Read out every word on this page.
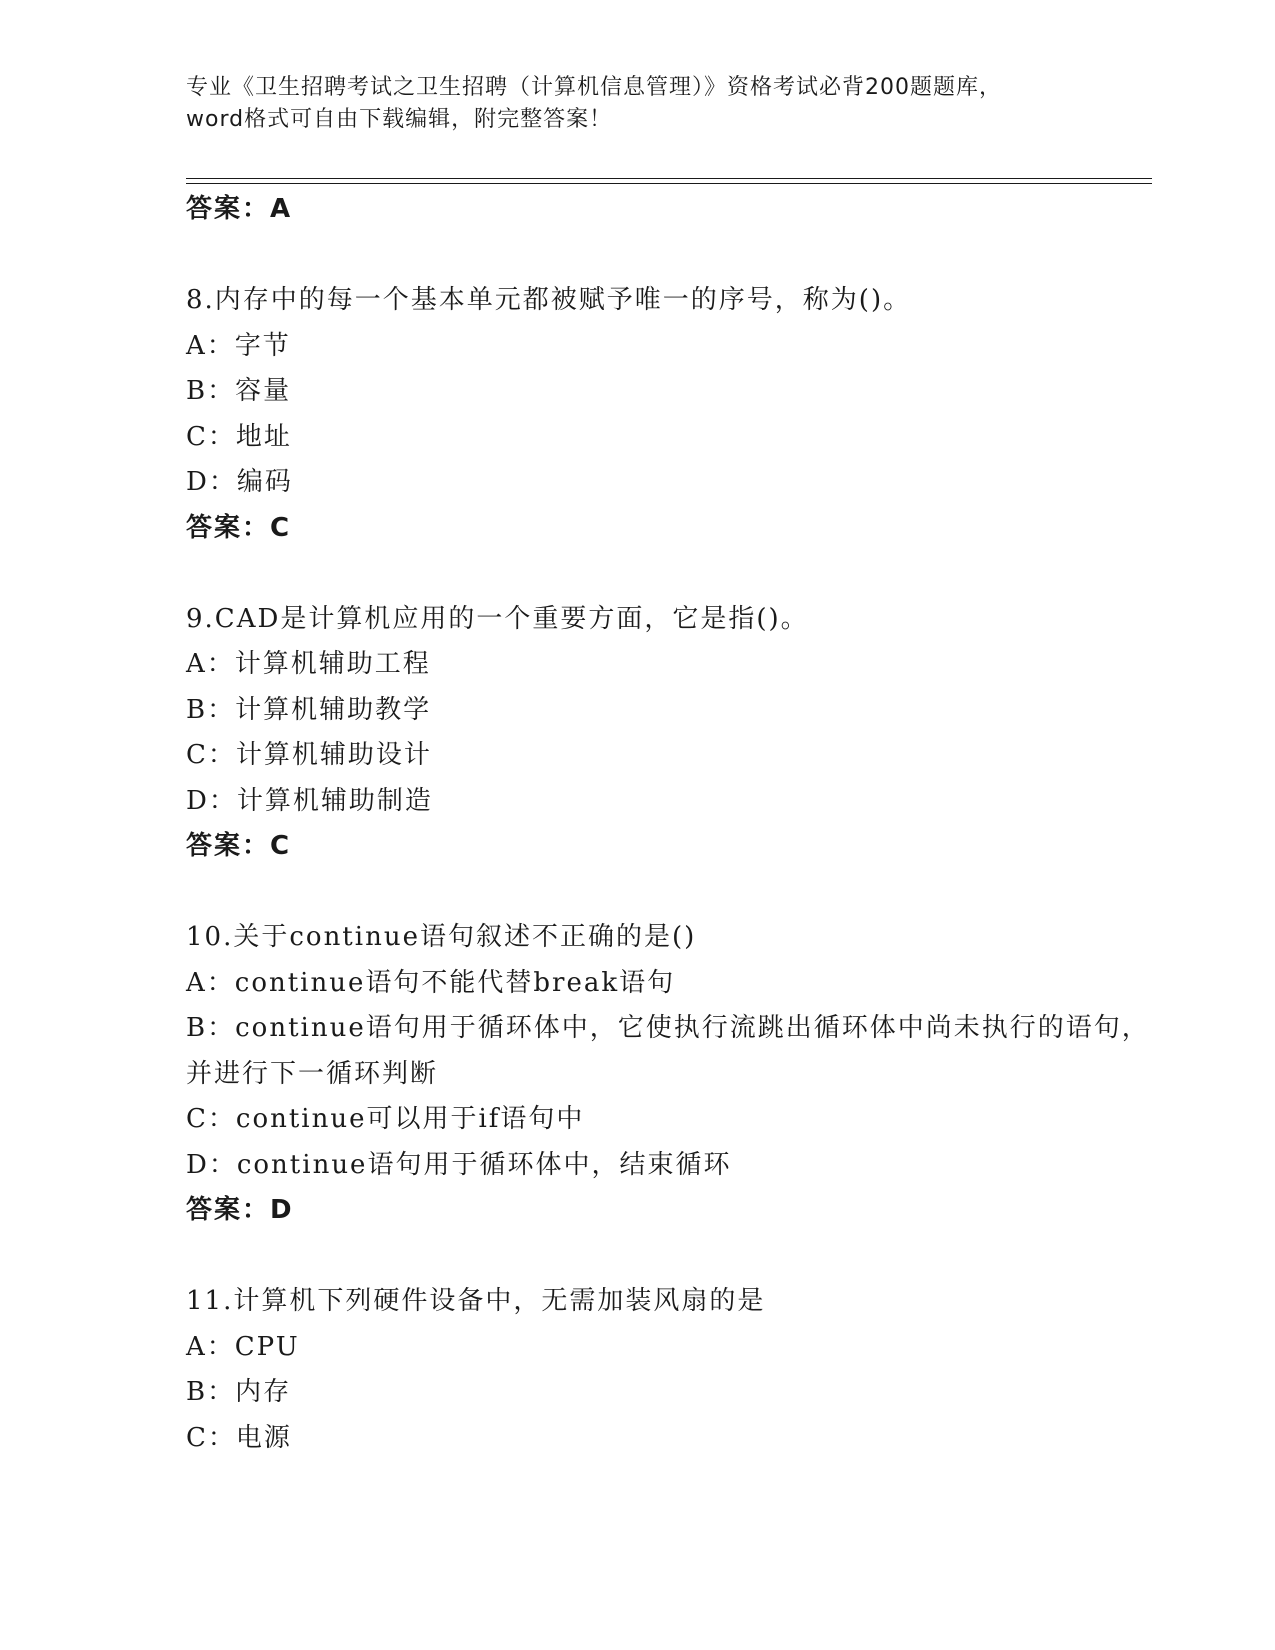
专业《卫生招聘考试之卫生招聘（计算机信息管理）》资格考试必背200题题库，
word格式可自由下载编辑，附完整答案！
答案：A
8.内存中的每一个基本单元都被赋予唯一的序号，称为()。
A：字节
B：容量
C：地址
D：编码
答案：C
9.CAD是计算机应用的一个重要方面，它是指()。
A：计算机辅助工程
B：计算机辅助教学
C：计算机辅助设计
D：计算机辅助制造
答案：C
10.关于continue语句叙述不正确的是()
A：continue语句不能代替break语句
B：continue语句用于循环体中，它使执行流跳出循环体中尚未执行的语句，并进行下一循环判断
C：continue可以用于if语句中
D：continue语句用于循环体中，结束循环
答案：D
11.计算机下列硬件设备中，无需加装风扇的是
A：CPU
B：内存
C：电源
